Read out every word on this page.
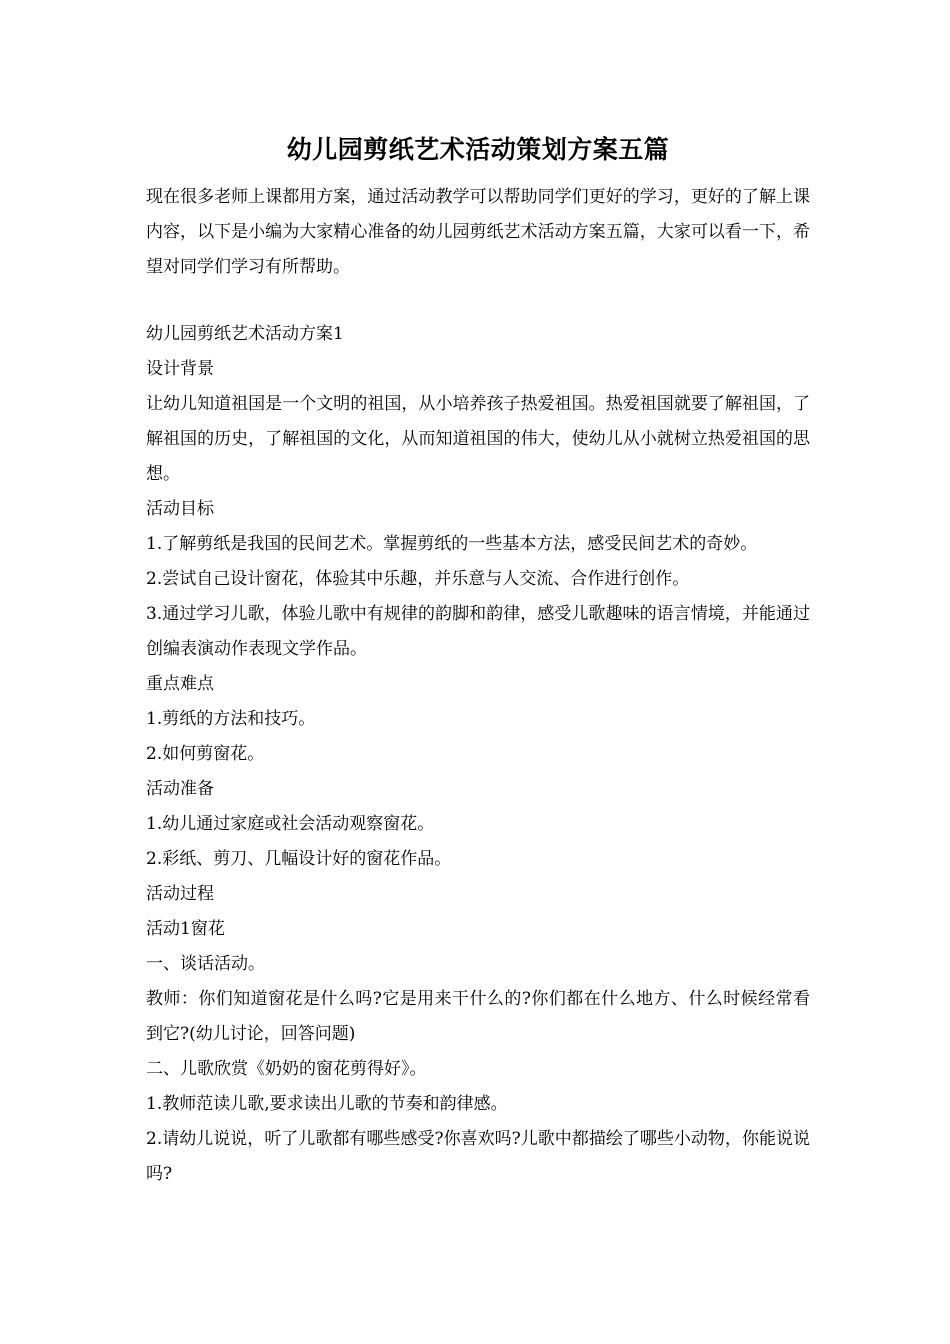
幼儿园剪纸艺术活动策划方案五篇

现在很多老师上课都用方案，通过活动教学可以帮助同学们更好的学习，更好的了解上课内容，以下是小编为大家精心准备的幼儿园剪纸艺术活动方案五篇，大家可以看一下，希望对同学们学习有所帮助。

幼儿园剪纸艺术活动方案1

设计背景

让幼儿知道祖国是一个文明的祖国，从小培养孩子热爱祖国。热爱祖国就要了解祖国，了解祖国的历史，了解祖国的文化，从而知道祖国的伟大，使幼儿从小就树立热爱祖国的思想。

活动目标

1.了解剪纸是我国的民间艺术。掌握剪纸的一些基本方法，感受民间艺术的奇妙。

2.尝试自己设计窗花，体验其中乐趣，并乐意与人交流、合作进行创作。

3.通过学习儿歌，体验儿歌中有规律的韵脚和韵律，感受儿歌趣味的语言情境，并能通过创编表演动作表现文学作品。

重点难点

1.剪纸的方法和技巧。

2.如何剪窗花。

活动准备

1.幼儿通过家庭或社会活动观察窗花。

2.彩纸、剪刀、几幅设计好的窗花作品。

活动过程

活动1窗花

一、谈话活动。

教师：你们知道窗花是什么吗?它是用来干什么的?你们都在什么地方、什么时候经常看到它?(幼儿讨论，回答问题)

二、儿歌欣赏《奶奶的窗花剪得好》。

1.教师范读儿歌,要求读出儿歌的节奏和韵律感。

2.请幼儿说说，听了儿歌都有哪些感受?你喜欢吗?儿歌中都描绘了哪些小动物，你能说说吗?
